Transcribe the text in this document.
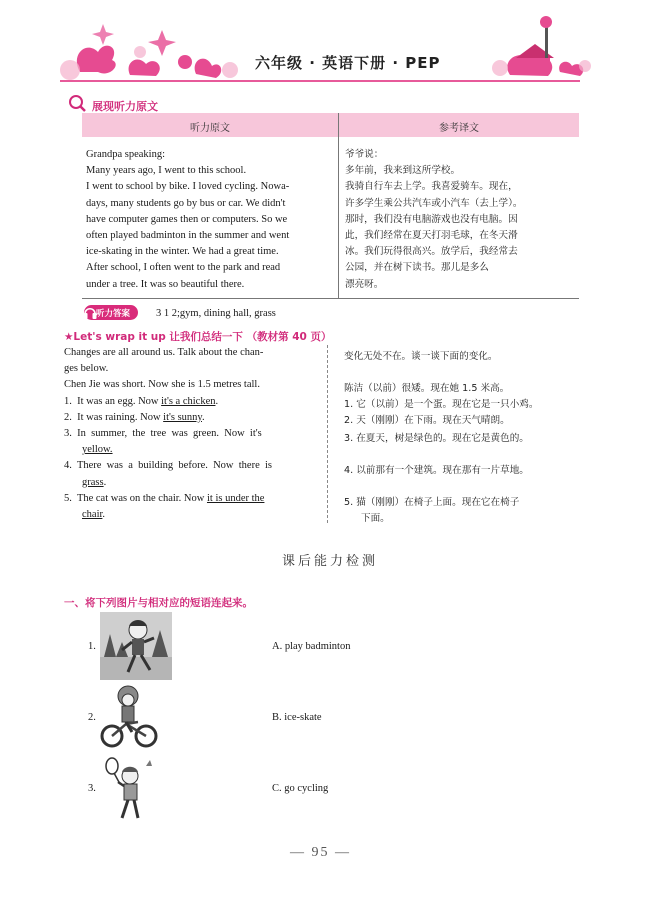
六年级 · 英语下册 · PEP
展现听力原文
听力原文	参考译文
Grandpa speaking:
Many years ago, I went to this school.
I went to school by bike. I loved cycling. Nowa-
days, many students go by bus or car. We didn't
have computer games then or computers. So we
often played badminton in the summer and went
ice-skating in the winter. We had a great time.
After school, I often went to the park and read
under a tree. It was so beautiful there.
爷爷说：
多年前，我来到这所学校。
我骑自行车去上学。我喜爱骑车。现在，
许多学生乘公共汽车或小汽车（去上学）。
那时，我们没有电脑游戏也没有电脑。因
此，我们经常在夏天打羽毛球，在冬天滑
冰。我们玩得很高兴。放学后，我经常去
公园，并在树下读书。那儿是多么
漂亮呀。
听力答案 3 1 2;gym, dining hall, grass
★Let's wrap it up 让我们总结一下 （教材第 40 页）
Changes are all around us. Talk about the chan-
ges below.
Chen Jie was short. Now she is 1.5 metres tall.
1. It was an egg. Now it's a chicken.
2. It was raining. Now it's sunny.
3. In  summer,  the  tree  was  green.  Now  it's
yellow.
4. There  was  a  building  before.  Now  there  is
grass.
5. The cat was on the chair. Now it is under the
chair.
变化无处不在。谈一谈下面的变化。
陈洁（以前）很矮。现在她 1.5 米高。
1. 它（以前）是一个蛋。现在它是一只小鸡。
2. 天（刚刚）在下雨。现在天气晴朗。
3. 在夏天，树是绿色的。现在它是黄色的。
4. 以前那有一个建筑。现在那有一片草地。
5. 猫（刚刚）在椅子上面。现在它在椅子
下面。
课后能力检测
一、将下列图片与相对应的短语连起来。
1.	A. play badminton
2.	B. ice-skate
3.	C. go cycling
— 95 —
